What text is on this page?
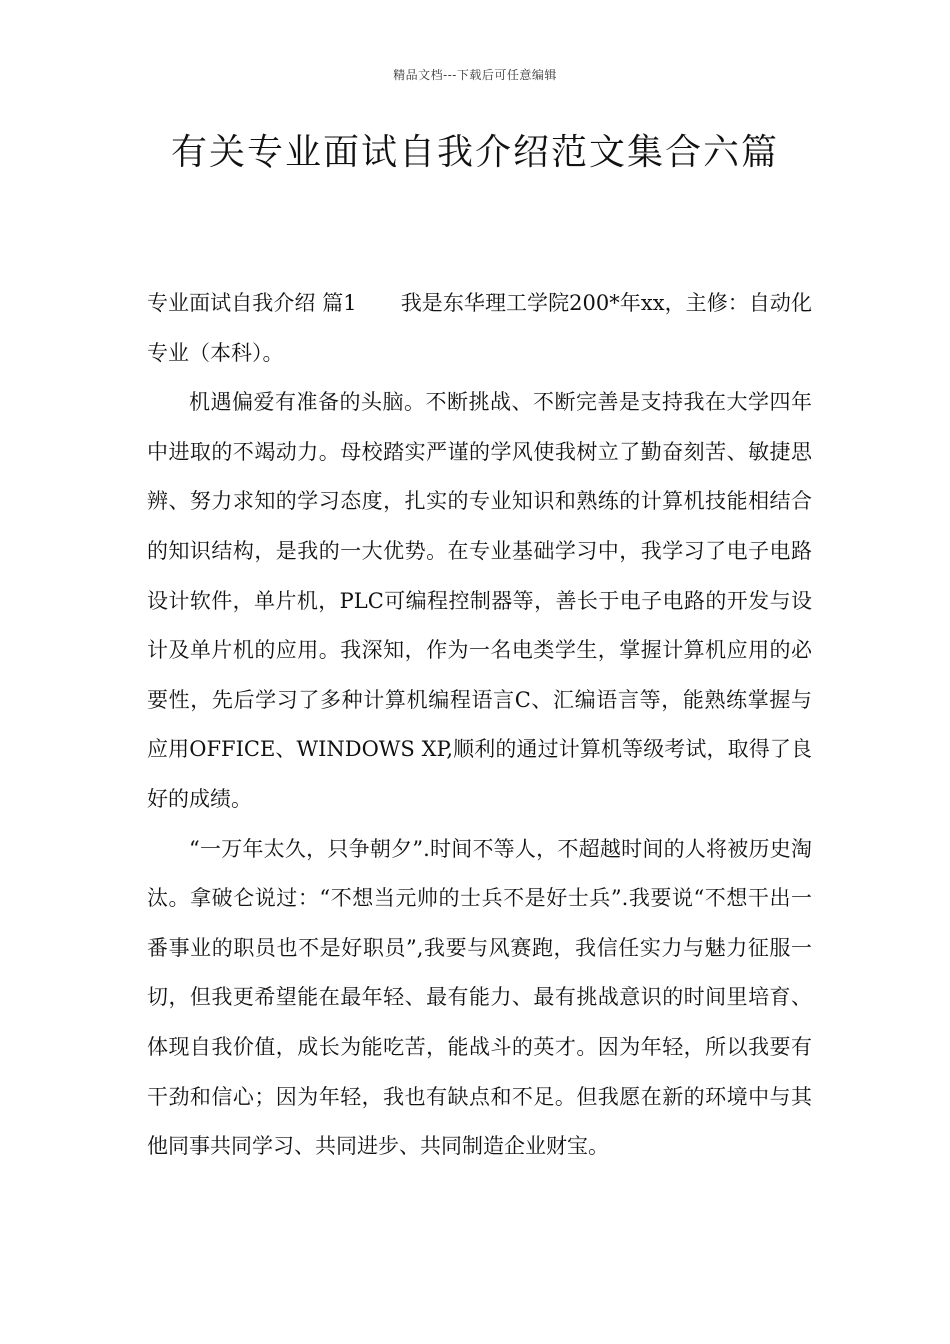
精品文档---下载后可任意编辑
有关专业面试自我介绍范文集合六篇

专业面试自我介绍 篇1 我是东华理工学院200*年xx，主修：自动化专业（本科）。

机遇偏爱有准备的头脑。不断挑战、不断完善是支持我在大学四年中进取的不竭动力。母校踏实严谨的学风使我树立了勤奋刻苦、敏捷思辨、努力求知的学习态度，扎实的专业知识和熟练的计算机技能相结合的知识结构，是我的一大优势。在专业基础学习中，我学习了电子电路设计软件，单片机，PLC可编程控制器等，善长于电子电路的开发与设计及单片机的应用。我深知，作为一名电类学生，掌握计算机应用的必要性，先后学习了多种计算机编程语言C、汇编语言等，能熟练掌握与应用OFFICE、WINDOWS XP,顺利的通过计算机等级考试，取得了良好的成绩。

“一万年太久，只争朝夕”.时间不等人，不超越时间的人将被历史淘汰。拿破仑说过：“不想当元帅的士兵不是好士兵”.我要说“不想干出一番事业的职员也不是好职员”,我要与风赛跑，我信任实力与魅力征服一切，但我更希望能在最年轻、最有能力、最有挑战意识的时间里培育、体现自我价值，成长为能吃苦，能战斗的英才。因为年轻，所以我要有干劲和信心；因为年轻，我也有缺点和不足。但我愿在新的环境中与其他同事共同学习、共同进步、共同制造企业财宝。
